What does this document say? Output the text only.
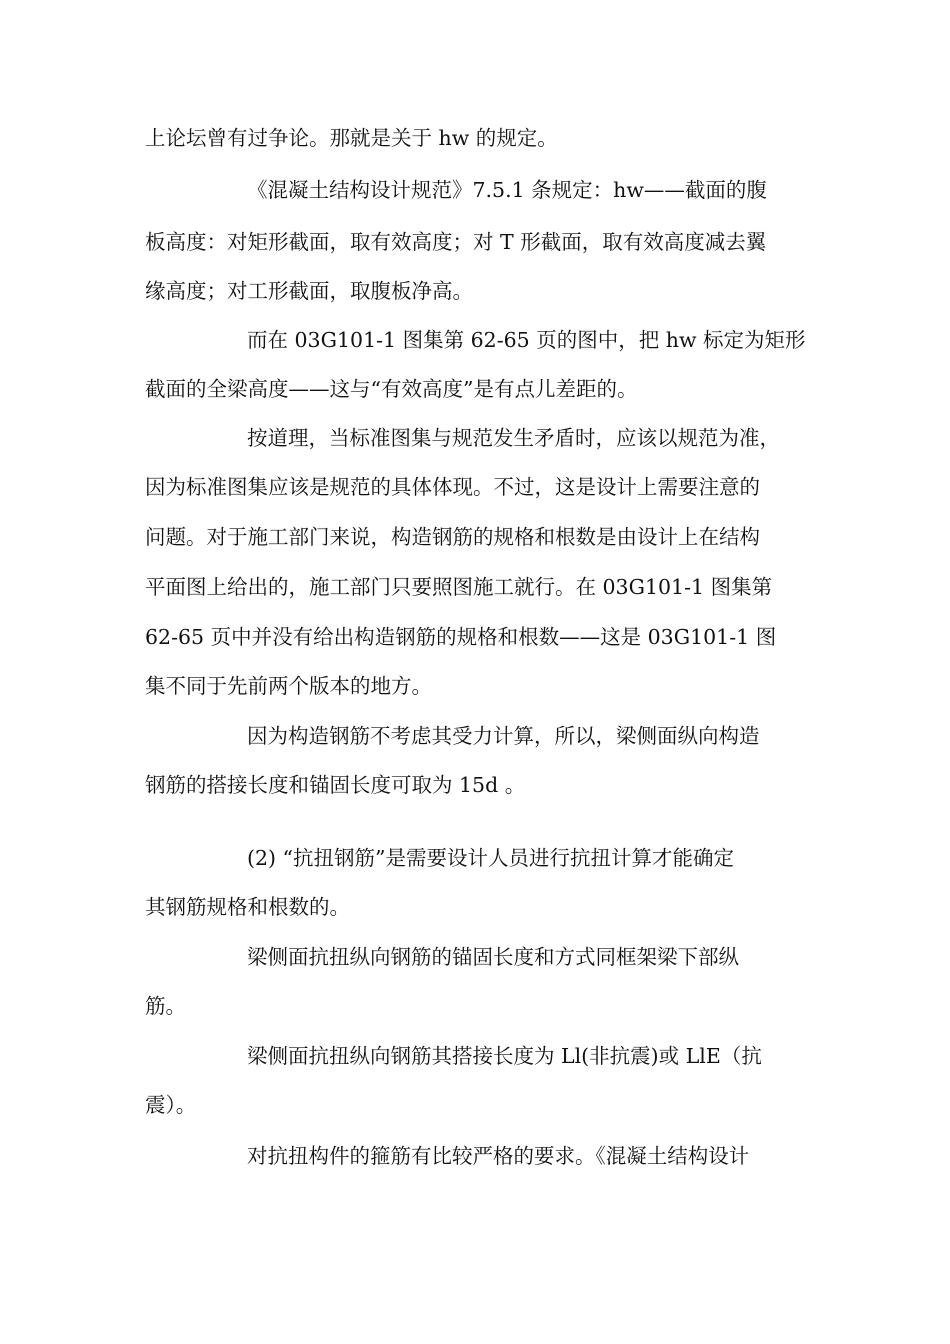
上论坛曾有过争论。那就是关于 hw 的规定。
《混凝土结构设计规范》7.5.1 条规定：hw——截面的腹
板高度：对矩形截面，取有效高度；对 T 形截面，取有效高度减去翼
缘高度；对工形截面，取腹板净高。
而在 03G101-1 图集第 62-65 页的图中，把 hw 标定为矩形
截面的全梁高度——这与“有效高度”是有点儿差距的。
按道理，当标准图集与规范发生矛盾时，应该以规范为准，
因为标准图集应该是规范的具体体现。不过，这是设计上需要注意的
问题。对于施工部门来说，构造钢筋的规格和根数是由设计上在结构
平面图上给出的，施工部门只要照图施工就行。在 03G101-1 图集第
62-65 页中并没有给出构造钢筋的规格和根数——这是 03G101-1 图
集不同于先前两个版本的地方。
因为构造钢筋不考虑其受力计算，所以，梁侧面纵向构造
钢筋的搭接长度和锚固长度可取为 15d 。
(2) “抗扭钢筋”是需要设计人员进行抗扭计算才能确定
其钢筋规格和根数的。
梁侧面抗扭纵向钢筋的锚固长度和方式同框架梁下部纵
筋。
梁侧面抗扭纵向钢筋其搭接长度为 Ll(非抗震)或 LlE（抗
震）。
对抗扭构件的箍筋有比较严格的要求。《混凝土结构设计
